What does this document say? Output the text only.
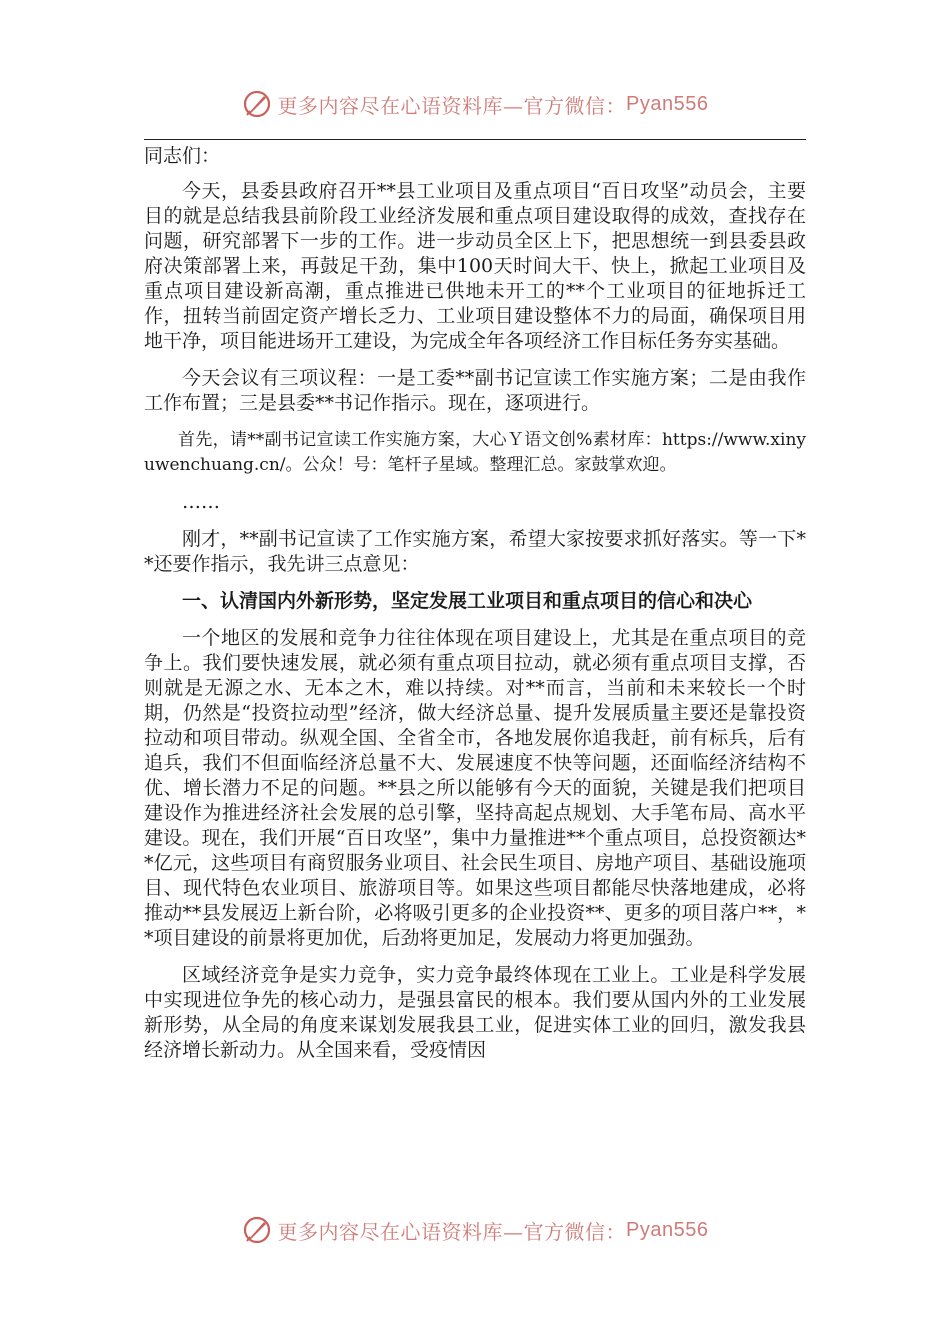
更多内容尽在心语资料库—官方微信： Pyan556

同志们：

今天，县委县政府召开**县工业项目及重点项目“百日攻坚”动员会，主要目的就是总结我县前阶段工业经济发展和重点项目建设取得的成效，查找存在问题，研究部署下一步的工作。进一步动员全区上下，把思想统一到县委县政府决策部署上来，再鼓足干劲，集中100天时间大干、快上，掀起工业项目及重点项目建设新高潮，重点推进已供地未开工的**个工业项目的征地拆迁工作，扭转当前固定资产增长乏力、工业项目建设整体不力的局面，确保项目用地干净，项目能进场开工建设，为完成全年各项经济工作目标任务夯实基础。

今天会议有三项议程：一是工委**副书记宣读工作实施方案；二是由我作工作布置；三是县委**书记作指示。现在，逐项进行。

首先，请**副书记宣读工作实施方案，大心Ｙ语文创%素材库：https://www.xinyuwenchuang.cn/。公众！号：笔杆子星域。整理汇总。家鼓掌欢迎。

……

刚才，**副书记宣读了工作实施方案，希望大家按要求抓好落实。等一下**还要作指示，我先讲三点意见：

一、认清国内外新形势，坚定发展工业项目和重点项目的信心和决心

一个地区的发展和竞争力往往体现在项目建设上，尤其是在重点项目的竞争上。我们要快速发展，就必须有重点项目拉动，就必须有重点项目支撑，否则就是无源之水、无本之木，难以持续。对**而言，当前和未来较长一个时期，仍然是“投资拉动型”经济，做大经济总量、提升发展质量主要还是靠投资拉动和项目带动。纵观全国、全省全市，各地发展你追我赶，前有标兵，后有追兵，我们不但面临经济总量不大、发展速度不快等问题，还面临经济结构不优、增长潜力不足的问题。**县之所以能够有今天的面貌，关键是我们把项目建设作为推进经济社会发展的总引擎，坚持高起点规划、大手笔布局、高水平建设。现在，我们开展“百日攻坚”，集中力量推进**个重点项目，总投资额达**亿元，这些项目有商贸服务业项目、社会民生项目、房地产项目、基础设施项目、现代特色农业项目、旅游项目等。如果这些项目都能尽快落地建成，必将推动**县发展迈上新台阶，必将吸引更多的企业投资**、更多的项目落户**，**项目建设的前景将更加优，后劲将更加足，发展动力将更加强劲。

区域经济竞争是实力竞争，实力竞争最终体现在工业上。工业是科学发展中实现进位争先的核心动力，是强县富民的根本。我们要从国内外的工业发展新形势，从全局的角度来谋划发展我县工业，促进实体工业的回归，激发我县经济增长新动力。从全国来看，受疫情因

更多内容尽在心语资料库—官方微信： Pyan556
